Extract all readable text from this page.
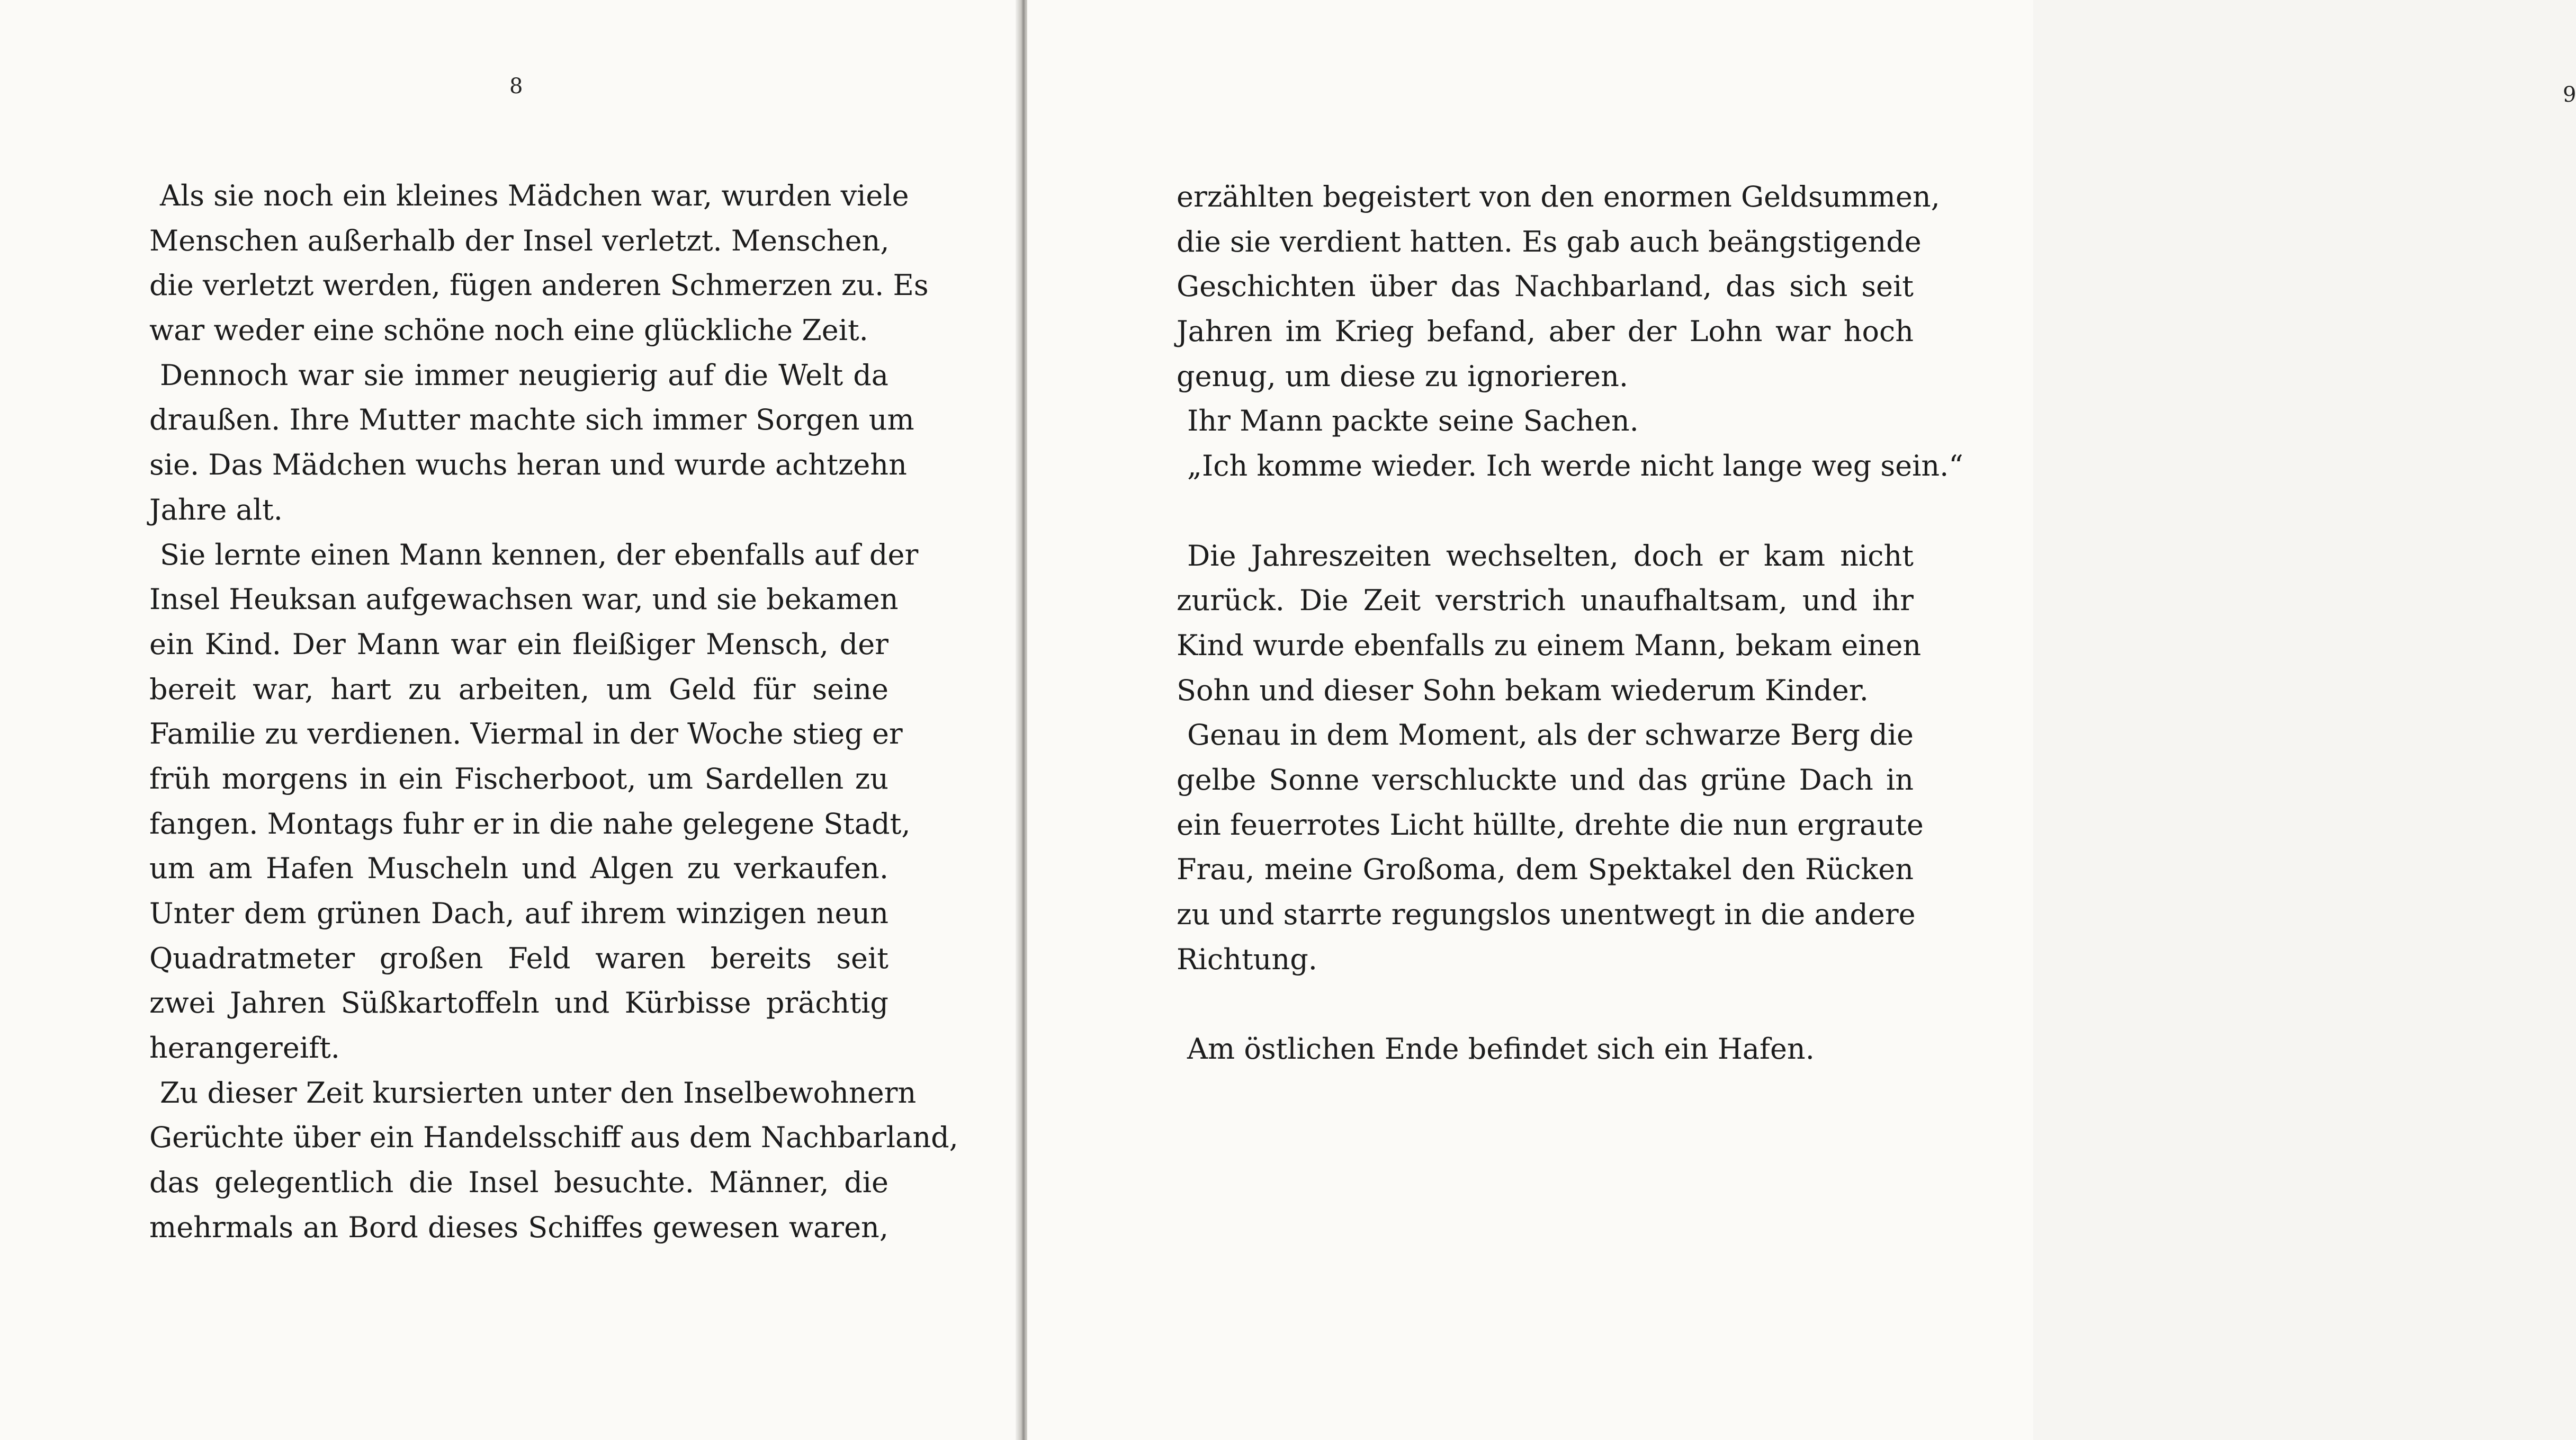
8
Als sie noch ein kleines Mädchen war, wurden viele
Menschen außerhalb der Insel verletzt. Menschen,
die verletzt werden, fügen anderen Schmerzen zu. Es
war weder eine schöne noch eine glückliche Zeit.
Dennoch war sie immer neugierig auf die Welt da
draußen. Ihre Mutter machte sich immer Sorgen um
sie. Das Mädchen wuchs heran und wurde achtzehn
Jahre alt.
Sie lernte einen Mann kennen, der ebenfalls auf der
Insel Heuksan aufgewachsen war, und sie bekamen
ein Kind. Der Mann war ein fleißiger Mensch, der
bereit war, hart zu arbeiten, um Geld für seine
Familie zu verdienen. Viermal in der Woche stieg er
früh morgens in ein Fischerboot, um Sardellen zu
fangen. Montags fuhr er in die nahe gelegene Stadt,
um am Hafen Muscheln und Algen zu verkaufen.
Unter dem grünen Dach, auf ihrem winzigen neun
Quadratmeter großen Feld waren bereits seit
zwei Jahren Süßkartoffeln und Kürbisse prächtig
herangereift.
Zu dieser Zeit kursierten unter den Inselbewohnern
Gerüchte über ein Handelsschiff aus dem Nachbarland,
das gelegentlich die Insel besuchte. Männer, die
mehrmals an Bord dieses Schiffes gewesen waren,
9
erzählten begeistert von den enormen Geldsummen,
die sie verdient hatten. Es gab auch beängstigende
Geschichten über das Nachbarland, das sich seit
Jahren im Krieg befand, aber der Lohn war hoch
genug, um diese zu ignorieren.
Ihr Mann packte seine Sachen.
„Ich komme wieder. Ich werde nicht lange weg sein.“
Die Jahreszeiten wechselten, doch er kam nicht
zurück. Die Zeit verstrich unaufhaltsam, und ihr
Kind wurde ebenfalls zu einem Mann, bekam einen
Sohn und dieser Sohn bekam wiederum Kinder.
Genau in dem Moment, als der schwarze Berg die
gelbe Sonne verschluckte und das grüne Dach in
ein feuerrotes Licht hüllte, drehte die nun ergraute
Frau, meine Großoma, dem Spektakel den Rücken
zu und starrte regungslos unentwegt in die andere
Richtung.
Am östlichen Ende befindet sich ein Hafen.
